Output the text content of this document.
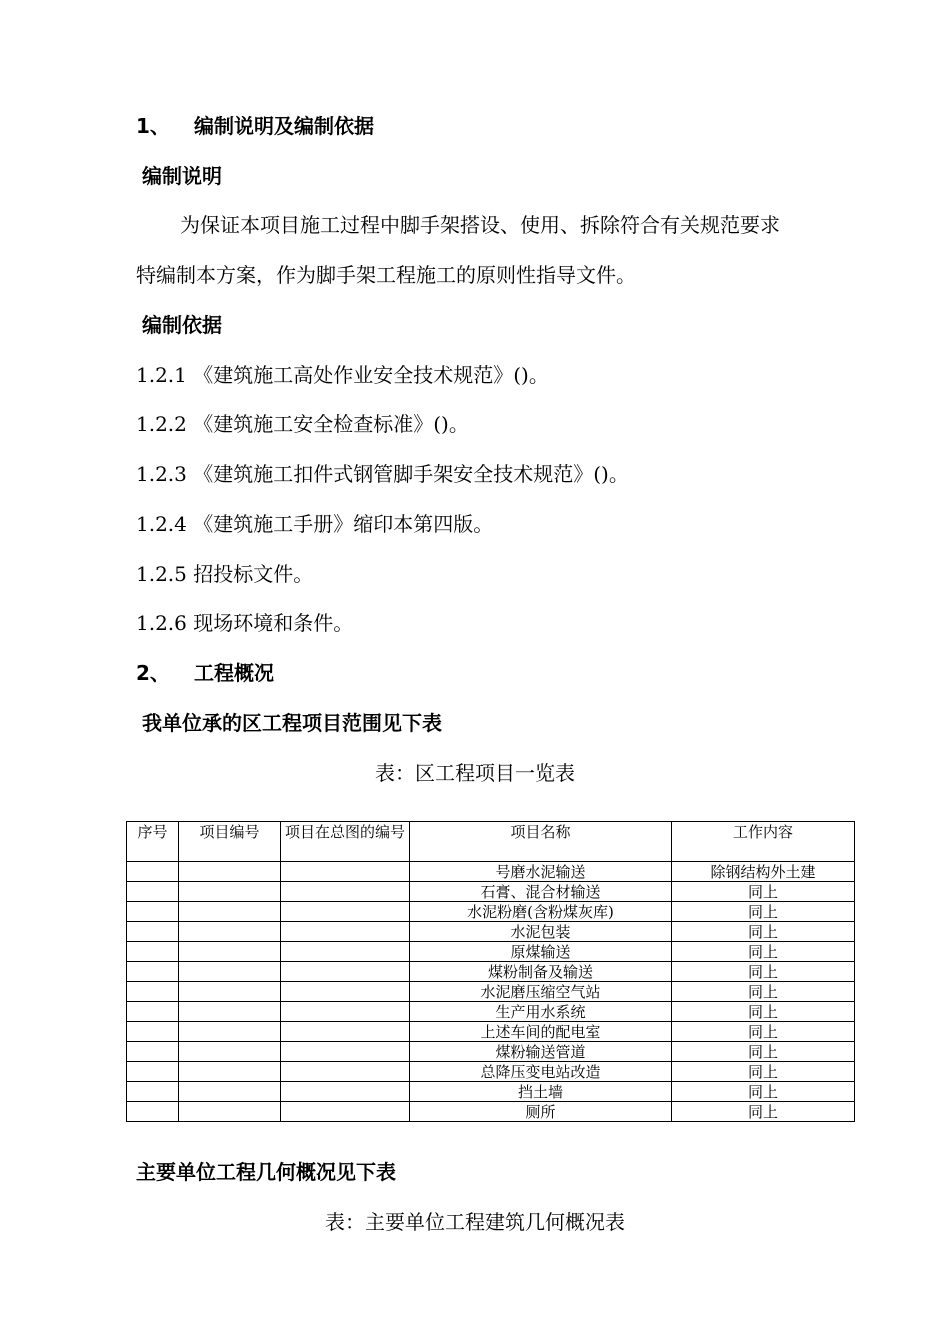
1、 编制说明及编制依据
编制说明
为保证本项目施工过程中脚手架搭设、使用、拆除符合有关规范要求
特编制本方案，作为脚手架工程施工的原则性指导文件。
编制依据
1.2.1 《建筑施工高处作业安全技术规范》()。
1.2.2 《建筑施工安全检查标准》()。
1.2.3 《建筑施工扣件式钢管脚手架安全技术规范》()。
1.2.4 《建筑施工手册》缩印本第四版。
1.2.5 招投标文件。
1.2.6 现场环境和条件。
2、 工程概况
我单位承的区工程项目范围见下表
表：区工程项目一览表
序号	项目编号	项目在总图的编号	项目名称	工作内容
			号磨水泥输送	除钢结构外土建
			石膏、混合材输送	同上
			水泥粉磨(含粉煤灰库)	同上
			水泥包装	同上
			原煤输送	同上
			煤粉制备及输送	同上
			水泥磨压缩空气站	同上
			生产用水系统	同上
			上述车间的配电室	同上
			煤粉输送管道	同上
			总降压变电站改造	同上
			挡土墙	同上
			厕所	同上
主要单位工程几何概况见下表
表：主要单位工程建筑几何概况表
